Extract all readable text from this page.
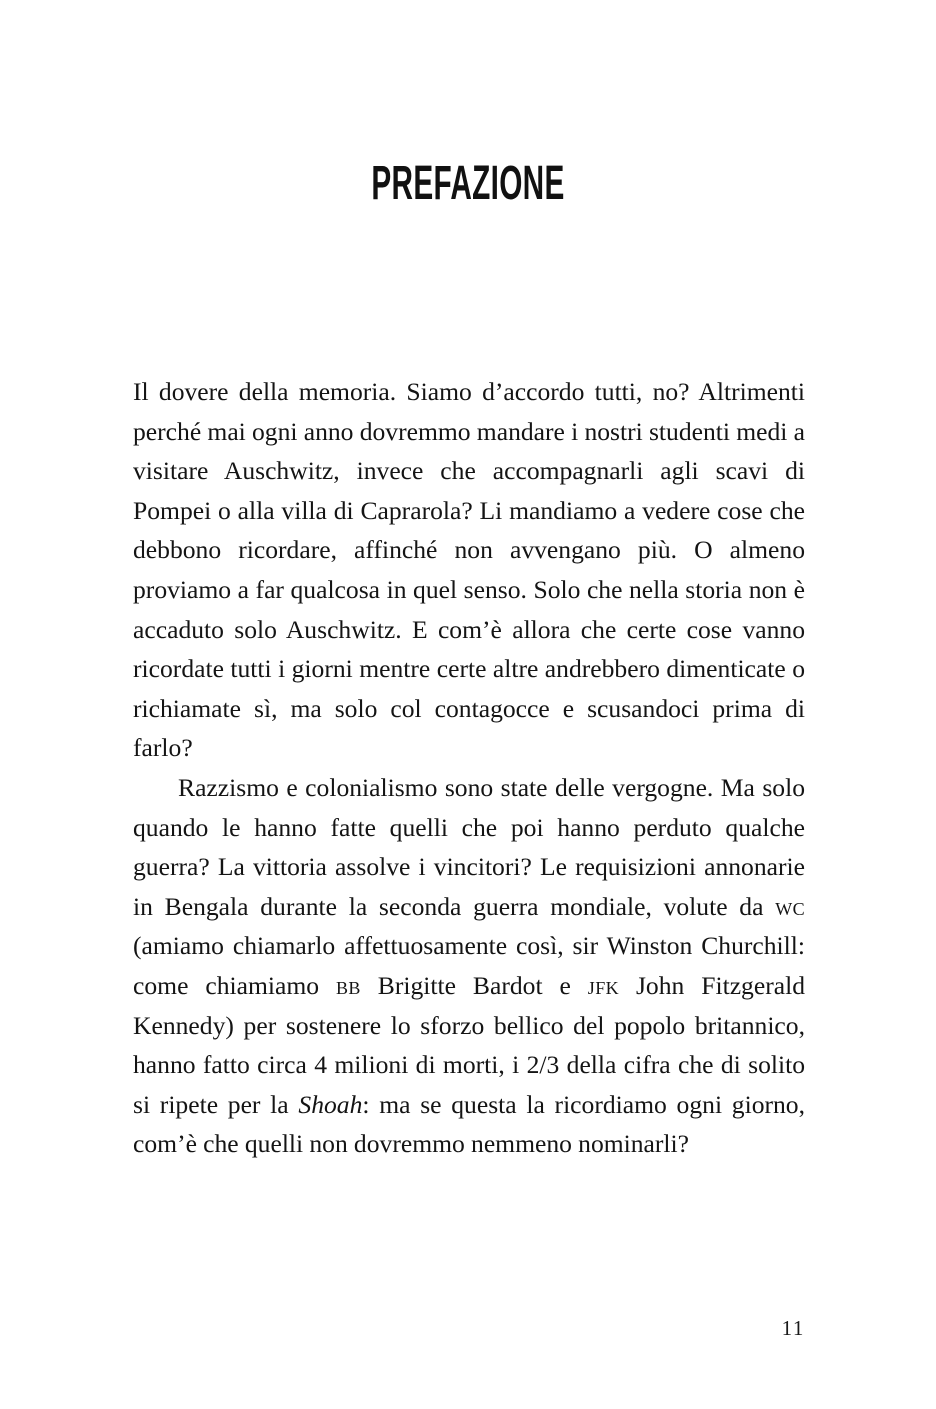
PREFAZIONE

Il dovere della memoria. Siamo d’accordo tutti, no? Altrimenti perché mai ogni anno dovremmo mandare i nostri studenti medi a visitare Auschwitz, invece che accompagnarli agli scavi di Pompei o alla villa di Caprarola? Li mandiamo a vedere cose che debbono ricordare, affinché non avvengano più. O almeno proviamo a far qualcosa in quel senso. Solo che nella storia non è accaduto solo Auschwitz. E com’è allora che certe cose vanno ricordate tutti i giorni mentre certe altre andrebbero dimenticate o richiamate sì, ma solo col contagocce e scusandoci prima di farlo?

Razzismo e colonialismo sono state delle vergogne. Ma solo quando le hanno fatte quelli che poi hanno perduto qualche guerra? La vittoria assolve i vincitori? Le requisizioni annonarie in Bengala durante la seconda guerra mondiale, volute da wc (amiamo chiamarlo affettuosamente così, sir Winston Churchill: come chiamiamo bb Brigitte Bardot e jfk John Fitzgerald Kennedy) per sostenere lo sforzo bellico del popolo britannico, hanno fatto circa 4 milioni di morti, i 2/3 della cifra che di solito si ripete per la Shoah: ma se questa la ricordiamo ogni giorno, com’è che quelli non dovremmo nemmeno nominarli?

11
